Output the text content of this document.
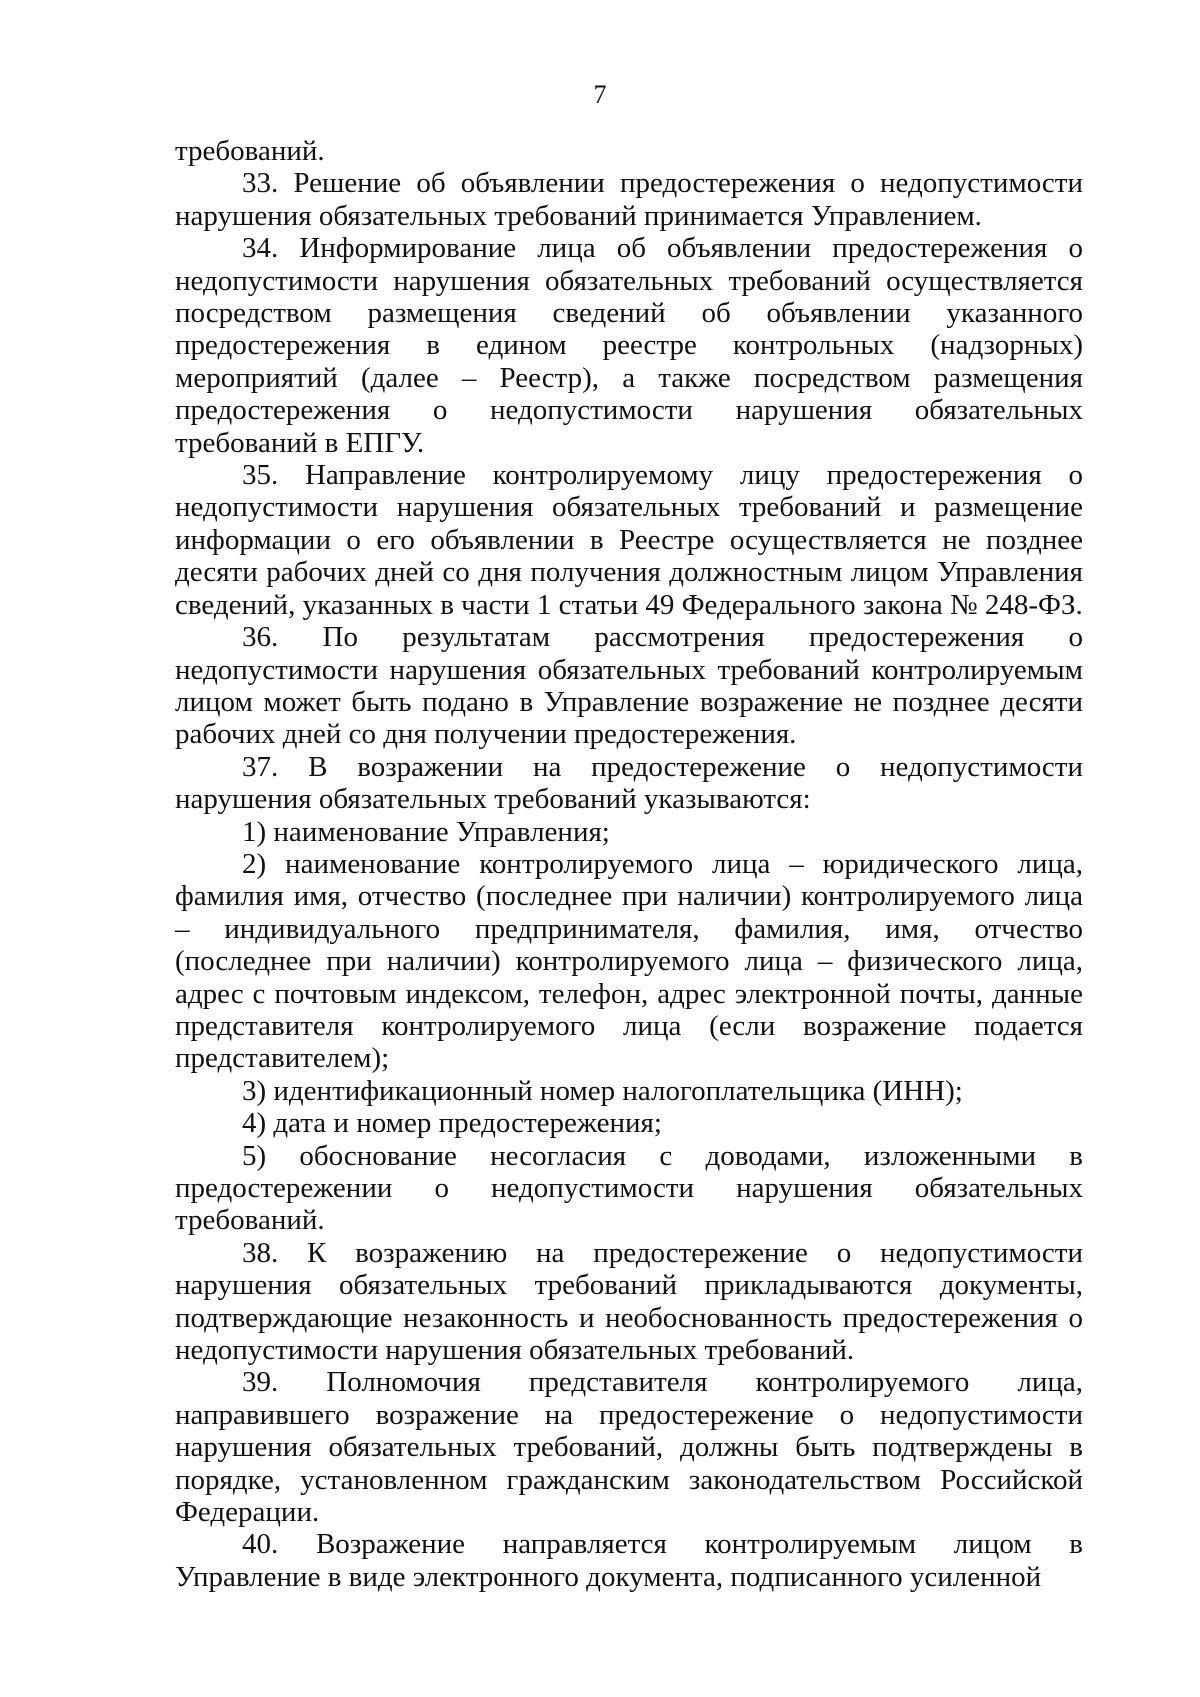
7

требований.

33. Решение об объявлении предостережения о недопустимости нарушения обязательных требований принимается Управлением.

34. Информирование лица об объявлении предостережения о недопустимости нарушения обязательных требований осуществляется посредством размещения сведений об объявлении указанного предостережения в едином реестре контрольных (надзорных) мероприятий (далее – Реестр), а также посредством размещения предостережения о недопустимости нарушения обязательных требований в ЕПГУ.

35. Направление контролируемому лицу предостережения о недопустимости нарушения обязательных требований и размещение информации о его объявлении в Реестре осуществляется не позднее десяти рабочих дней со дня получения должностным лицом Управления сведений, указанных в части 1 статьи 49 Федерального закона № 248-ФЗ.

36. По результатам рассмотрения предостережения о недопустимости нарушения обязательных требований контролируемым лицом может быть подано в Управление возражение не позднее десяти рабочих дней со дня получении предостережения.

37. В возражении на предостережение о недопустимости нарушения обязательных требований указываются:

1) наименование Управления;

2) наименование контролируемого лица – юридического лица, фамилия имя, отчество (последнее при наличии) контролируемого лица – индивидуального предпринимателя, фамилия, имя, отчество (последнее при наличии) контролируемого лица – физического лица, адрес с почтовым индексом, телефон, адрес электронной почты, данные представителя контролируемого лица (если возражение подается представителем);

3) идентификационный номер налогоплательщика (ИНН);

4) дата и номер предостережения;

5) обоснование несогласия с доводами, изложенными в предостережении о недопустимости нарушения обязательных требований.

38. К возражению на предостережение о недопустимости нарушения обязательных требований прикладываются документы, подтверждающие незаконность и необоснованность предостережения о недопустимости нарушения обязательных требований.

39. Полномочия представителя контролируемого лица, направившего возражение на предостережение о недопустимости нарушения обязательных требований, должны быть подтверждены в порядке, установленном гражданским законодательством Российской Федерации.

40. Возражение направляется контролируемым лицом в Управление в виде электронного документа, подписанного усиленной
